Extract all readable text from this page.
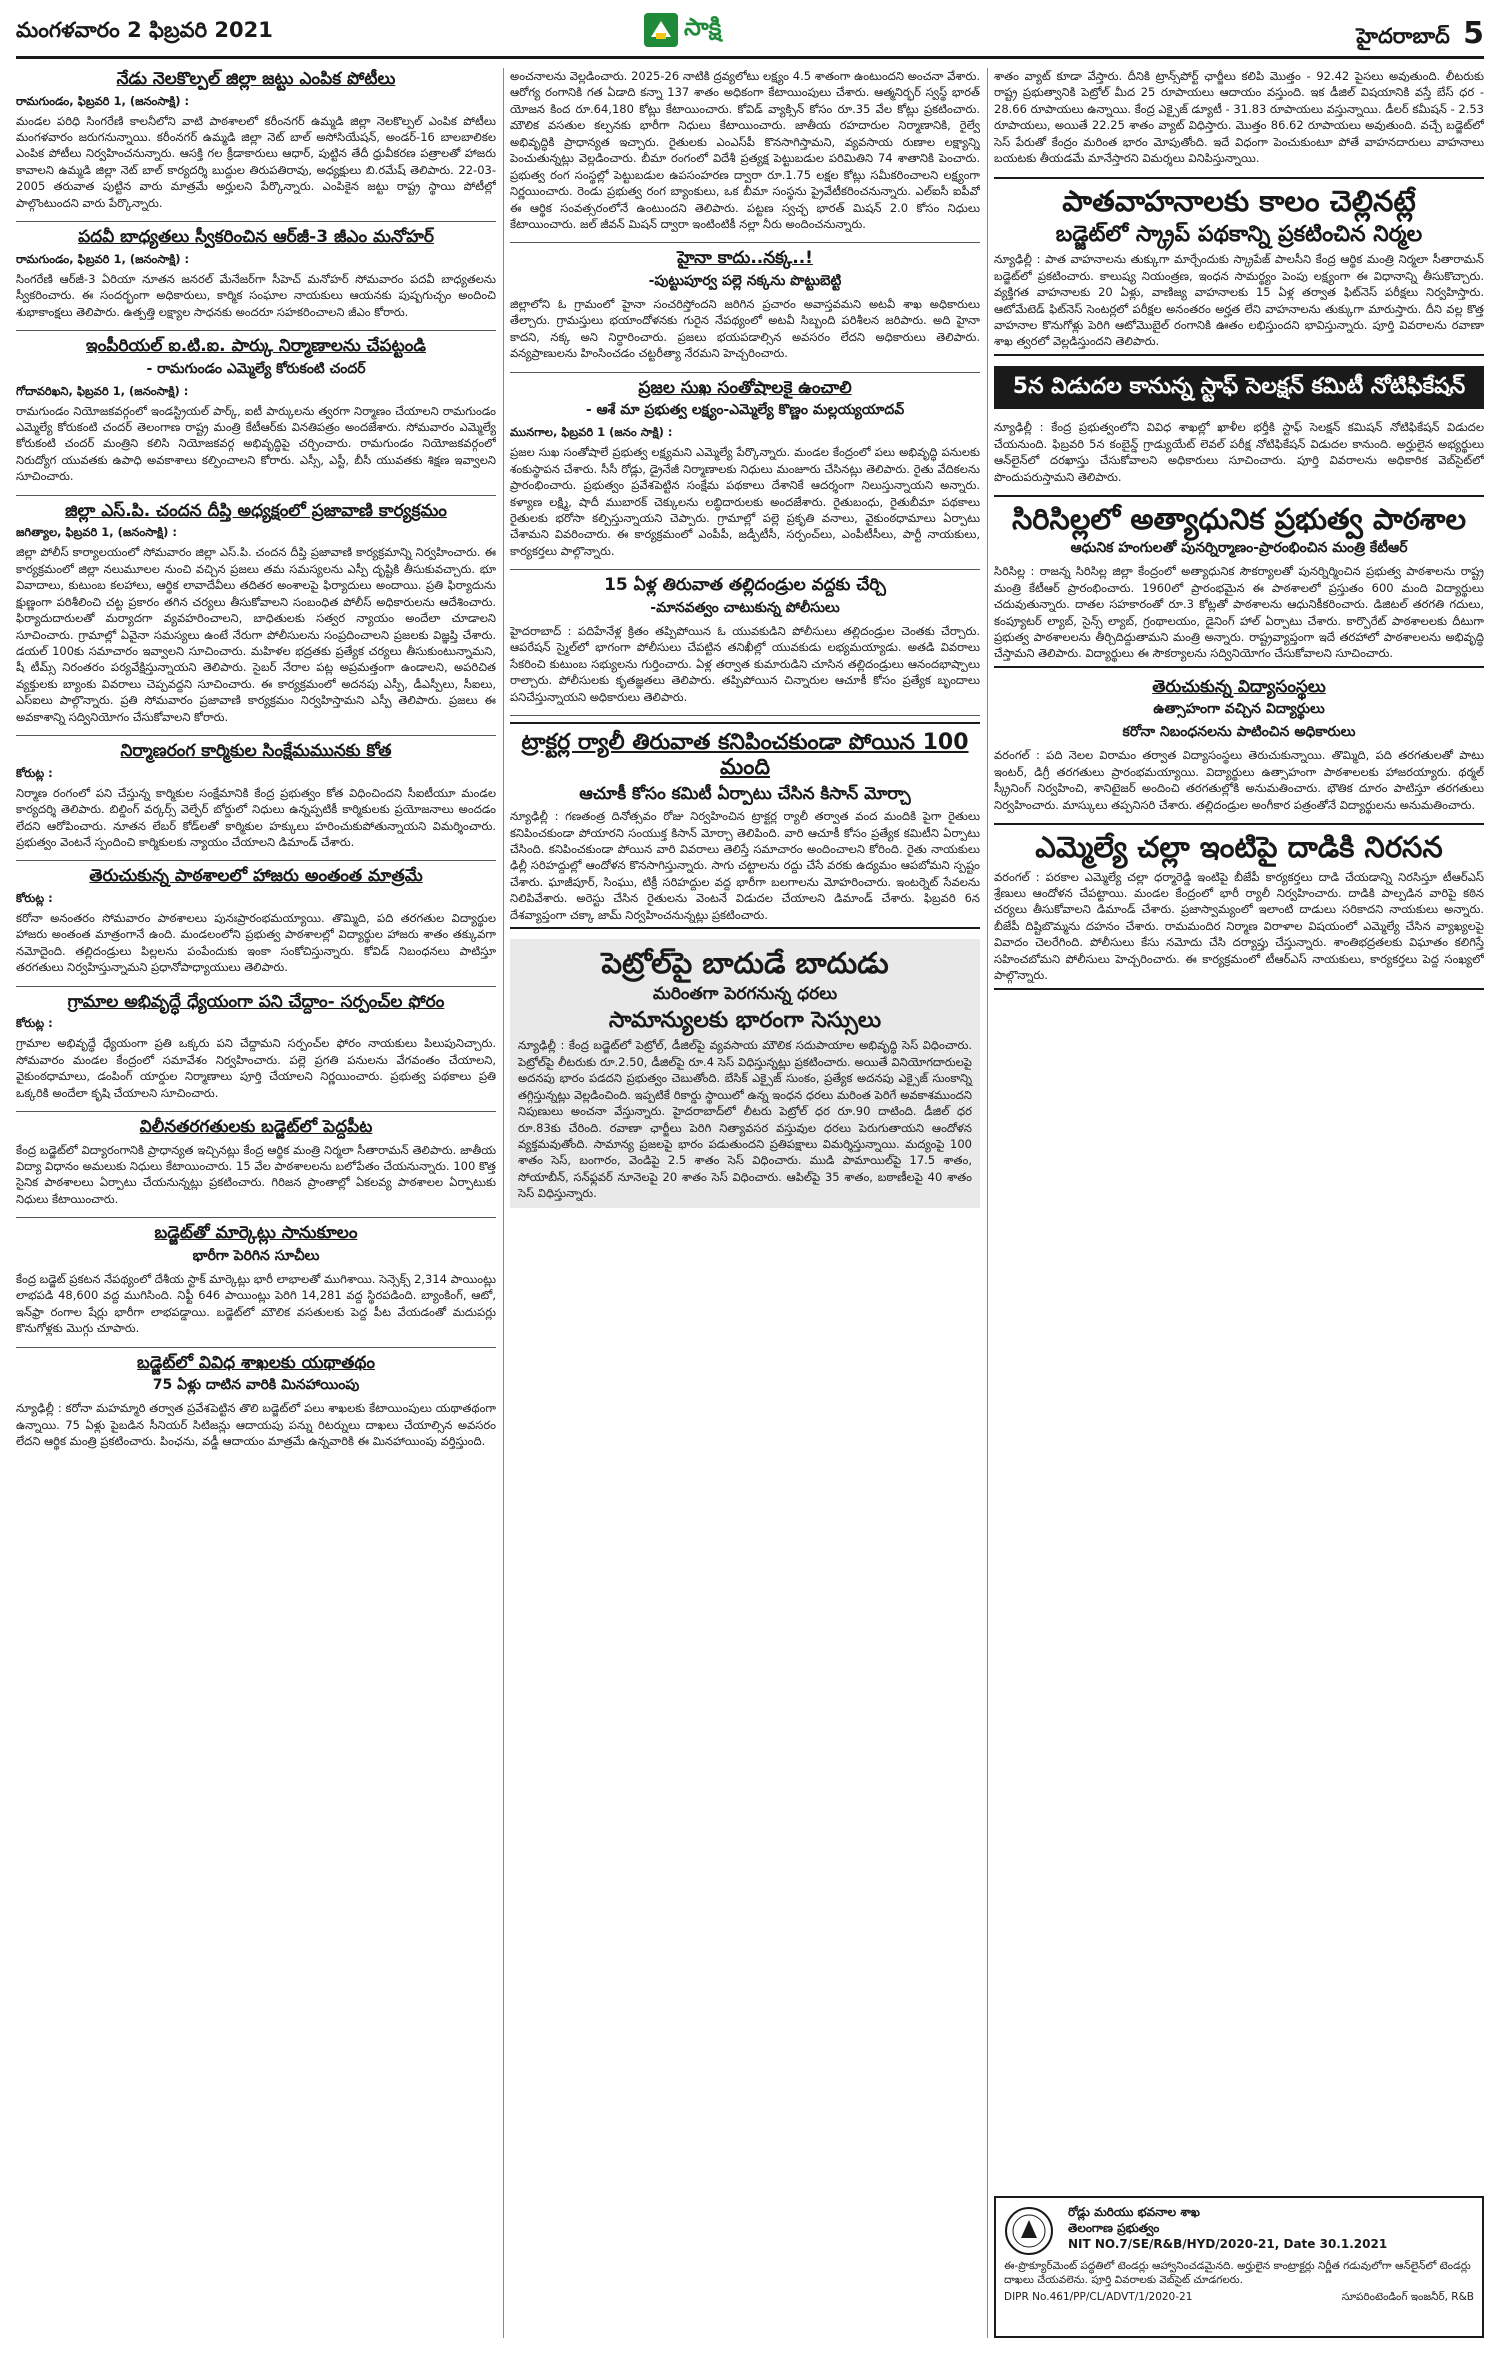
మంగళవారం 2 ఫిబ్రవరి 2021	సాక్షి	హైదరాబాద్ 5
నేడు నెలకొల్పల్ జిల్లా జట్టు ఎంపిక పోటీలు

రామగుండం, ఫిబ్రవరి 1, (జనంసాక్షి) :

మండల పరిధి సింగరేణి కాలనీలోని వాటి పాఠశాలలో కరీంనగర్ ఉమ్మడి జిల్లా నెలకొల్పల్ ఎంపిక పోటీలు మంగళవారం జరుగనున్నాయి. కరీంనగర్ ఉమ్మడి జిల్లా నెట్ బాల్ అసోసియేషన్, అండర్-16 బాలబాలికల ఎంపిక పోటీలు నిర్వహించనున్నారు. ఆసక్తి గల క్రీడాకారులు ఆధార్, పుట్టిన తేదీ ధ్రువీకరణ పత్రాలతో హాజరు కావాలని ఉమ్మడి జిల్లా నెట్ బాల్ కార్యదర్శి బుద్దుల తిరుపతిరావు, అధ్యక్షులు బి.రమేష్ తెలిపారు. 22-03-2005 తరువాత పుట్టిన వారు మాత్రమే అర్హులని పేర్కొన్నారు. ఎంపికైన జట్టు రాష్ట్ర స్థాయి పోటీల్లో పాల్గొంటుందని వారు పేర్కొన్నారు.

పదవీ బాధ్యతలు స్వీకరించిన ఆర్‌జీ-3 జీఎం మనోహర్

రామగుండం, ఫిబ్రవరి 1, (జనంసాక్షి) :

సింగరేణి ఆర్‌జీ-3 ఏరియా నూతన జనరల్ మేనేజర్‌గా సీహెచ్ మనోహర్ సోమవారం పదవీ బాధ్యతలను స్వీకరించారు. ఈ సందర్భంగా అధికారులు, కార్మిక సంఘాల నాయకులు ఆయనకు పుష్పగుచ్ఛం అందించి శుభాకాంక్షలు తెలిపారు. ఉత్పత్తి లక్ష్యాల సాధనకు అందరూ సహకరించాలని జీఎం కోరారు.

ఇంపీరియల్ ఐ.టి.ఐ. పార్కు నిర్మాణాలను చేపట్టండి

- రామగుండం ఎమ్మెల్యే కోరుకంటి చందర్

గోదావరిఖని, ఫిబ్రవరి 1, (జనంసాక్షి) :

రామగుండం నియోజకవర్గంలో ఇండస్ట్రియల్ పార్క్, ఐటీ పార్కులను త్వరగా నిర్మాణం చేయాలని రామగుండం ఎమ్మెల్యే కోరుకంటి చందర్ తెలంగాణ రాష్ట్ర మంత్రి కేటీఆర్‌కు వినతిపత్రం అందజేశారు. సోమవారం ఎమ్మెల్యే కోరుకంటి చందర్ మంత్రిని కలిసి నియోజకవర్గ అభివృద్ధిపై చర్చించారు. రామగుండం నియోజకవర్గంలో నిరుద్యోగ యువతకు ఉపాధి అవకాశాలు కల్పించాలని కోరారు. ఎస్సీ, ఎస్టీ, బీసీ యువతకు శిక్షణ ఇవ్వాలని సూచించారు.

జిల్లా ఎస్.పి. చందన దీప్తి అధ్యక్షంలో ప్రజావాణి కార్యక్రమం

జగిత్యాల, ఫిబ్రవరి 1, (జనంసాక్షి) :

జిల్లా పోలీస్ కార్యాలయంలో సోమవారం జిల్లా ఎస్.పి. చందన దీప్తి ప్రజావాణి కార్యక్రమాన్ని నిర్వహించారు. ఈ కార్యక్రమంలో జిల్లా నలుమూలల నుంచి వచ్చిన ప్రజలు తమ సమస్యలను ఎస్పీ దృష్టికి తీసుకువచ్చారు. భూ వివాదాలు, కుటుంబ కలహాలు, ఆర్థిక లావాదేవీలు తదితర అంశాలపై ఫిర్యాదులు అందాయి. ప్రతి ఫిర్యాదును క్షుణ్ణంగా పరిశీలించి చట్ట ప్రకారం తగిన చర్యలు తీసుకోవాలని సంబంధిత పోలీస్ అధికారులను ఆదేశించారు. ఫిర్యాదుదారులతో మర్యాదగా వ్యవహరించాలని, బాధితులకు సత్వర న్యాయం అందేలా చూడాలని సూచించారు. గ్రామాల్లో ఏవైనా సమస్యలు ఉంటే నేరుగా పోలీసులను సంప్రదించాలని ప్రజలకు విజ్ఞప్తి చేశారు. డయల్ 100కు సమాచారం ఇవ్వాలని సూచించారు. మహిళల భద్రతకు ప్రత్యేక చర్యలు తీసుకుంటున్నామని, షీ టీమ్స్ నిరంతరం పర్యవేక్షిస్తున్నాయని తెలిపారు. సైబర్ నేరాల పట్ల అప్రమత్తంగా ఉండాలని, అపరిచిత వ్యక్తులకు బ్యాంకు వివరాలు చెప్పవద్దని సూచించారు. ఈ కార్యక్రమంలో అదనపు ఎస్పీ, డీఎస్పీలు, సీఐలు, ఎస్‌ఐలు పాల్గొన్నారు. ప్రతి సోమవారం ప్రజావాణి కార్యక్రమం నిర్వహిస్తామని ఎస్పీ తెలిపారు. ప్రజలు ఈ అవకాశాన్ని సద్వినియోగం చేసుకోవాలని కోరారు.

నిర్మాణరంగ కార్మికుల సింక్షేమమునకు కోత

కోరుట్ల :

నిర్మాణ రంగంలో పని చేస్తున్న కార్మికుల సంక్షేమానికి కేంద్ర ప్రభుత్వం కోత విధించిందని సీఐటీయూ మండల కార్యదర్శి తెలిపారు. బిల్డింగ్ వర్కర్స్ వెల్ఫేర్ బోర్డులో నిధులు ఉన్నప్పటికీ కార్మికులకు ప్రయోజనాలు అందడం లేదని ఆరోపించారు. నూతన లేబర్ కోడ్‌లతో కార్మికుల హక్కులు హరించుకుపోతున్నాయని విమర్శించారు. ప్రభుత్వం వెంటనే స్పందించి కార్మికులకు న్యాయం చేయాలని డిమాండ్ చేశారు.

తెరుచుకున్న పాఠశాలలో హాజరు అంతంత మాత్రమే

కోరుట్ల :

కరోనా అనంతరం సోమవారం పాఠశాలలు పునఃప్రారంభమయ్యాయి. తొమ్మిది, పది తరగతుల విద్యార్థుల హాజరు అంతంత మాత్రంగానే ఉంది. మండలంలోని ప్రభుత్వ పాఠశాలల్లో విద్యార్థుల హాజరు శాతం తక్కువగా నమోదైంది. తల్లిదండ్రులు పిల్లలను పంపేందుకు ఇంకా సంకోచిస్తున్నారు. కోవిడ్ నిబంధనలు పాటిస్తూ తరగతులు నిర్వహిస్తున్నామని ప్రధానోపాధ్యాయులు తెలిపారు.

గ్రామాల అభివృద్ధే ధ్యేయంగా పని చేద్దాం- సర్పంచ్‌ల ఫోరం

కోరుట్ల :

గ్రామాల అభివృద్ధే ధ్యేయంగా ప్రతి ఒక్కరు పని చేద్దామని సర్పంచ్‌ల ఫోరం నాయకులు పిలుపునిచ్చారు. సోమవారం మండల కేంద్రంలో సమావేశం నిర్వహించారు. పల్లె ప్రగతి పనులను వేగవంతం చేయాలని, వైకుంఠధామాలు, డంపింగ్ యార్డుల నిర్మాణాలు పూర్తి చేయాలని నిర్ణయించారు. ప్రభుత్వ పథకాలు ప్రతి ఒక్కరికి అందేలా కృషి చేయాలని సూచించారు.

విలీనతరగతులకు బడ్జెట్‌లో పెద్దపీట

కేంద్ర బడ్జెట్‌లో విద్యారంగానికి ప్రాధాన్యత ఇచ్చినట్లు కేంద్ర ఆర్థిక మంత్రి నిర్మలా సీతారామన్ తెలిపారు. జాతీయ విద్యా విధానం అమలుకు నిధులు కేటాయించారు. 15 వేల పాఠశాలలను బలోపేతం చేయనున్నారు. 100 కొత్త సైనిక పాఠశాలలు ఏర్పాటు చేయనున్నట్లు ప్రకటించారు. గిరిజన ప్రాంతాల్లో ఏకలవ్య పాఠశాలల ఏర్పాటుకు నిధులు కేటాయించారు.

బడ్జెట్‌తో మార్కెట్లు సానుకూలం

భారీగా పెరిగిన సూచీలు

కేంద్ర బడ్జెట్ ప్రకటన నేపథ్యంలో దేశీయ స్టాక్ మార్కెట్లు భారీ లాభాలతో ముగిశాయి. సెన్సెక్స్ 2,314 పాయింట్లు లాభపడి 48,600 వద్ద ముగిసింది. నిఫ్టీ 646 పాయింట్లు పెరిగి 14,281 వద్ద స్థిరపడింది. బ్యాంకింగ్, ఆటో, ఇన్‌ఫ్రా రంగాల షేర్లు భారీగా లాభపడ్డాయి. బడ్జెట్‌లో మౌలిక వసతులకు పెద్ద పీట వేయడంతో మదుపర్లు కొనుగోళ్లకు మొగ్గు చూపారు.

బడ్జెట్‌లో వివిధ శాఖలకు యథాతథం

75 ఏళ్లు దాటిన వారికి మినహాయింపు

న్యూఢిల్లీ : కరోనా మహమ్మారి తర్వాత ప్రవేశపెట్టిన తొలి బడ్జెట్‌లో పలు శాఖలకు కేటాయింపులు యథాతథంగా ఉన్నాయి. 75 ఏళ్లు పైబడిన సీనియర్ సిటిజన్లు ఆదాయపు పన్ను రిటర్నులు దాఖలు చేయాల్సిన అవసరం లేదని ఆర్థిక మంత్రి ప్రకటించారు. పింఛను, వడ్డీ ఆదాయం మాత్రమే ఉన్నవారికి ఈ మినహాయింపు వర్తిస్తుంది.

అంచనాలను వెల్లడించారు. 2025-26 నాటికి ద్రవ్యలోటు లక్ష్యం 4.5 శాతంగా ఉంటుందని అంచనా వేశారు. ఆరోగ్య రంగానికి గత ఏడాది కన్నా 137 శాతం అధికంగా కేటాయింపులు చేశారు. ఆత్మనిర్భర్ స్వస్థ్ భారత్ యోజన కింద రూ.64,180 కోట్లు కేటాయించారు. కోవిడ్ వ్యాక్సిన్ కోసం రూ.35 వేల కోట్లు ప్రకటించారు. మౌలిక వసతుల కల్పనకు భారీగా నిధులు కేటాయించారు. జాతీయ రహదారుల నిర్మాణానికి, రైల్వే అభివృద్ధికి ప్రాధాన్యత ఇచ్చారు. రైతులకు ఎంఎస్‌పీ కొనసాగిస్తామని, వ్యవసాయ రుణాల లక్ష్యాన్ని పెంచుతున్నట్లు వెల్లడించారు. బీమా రంగంలో విదేశీ ప్రత్యక్ష పెట్టుబడుల పరిమితిని 74 శాతానికి పెంచారు. ప్రభుత్వ రంగ సంస్థల్లో పెట్టుబడుల ఉపసంహరణ ద్వారా రూ.1.75 లక్షల కోట్లు సమీకరించాలని లక్ష్యంగా నిర్ణయించారు. రెండు ప్రభుత్వ రంగ బ్యాంకులు, ఒక బీమా సంస్థను ప్రైవేటీకరించనున్నారు. ఎల్ఐసీ ఐపీవో ఈ ఆర్థిక సంవత్సరంలోనే ఉంటుందని తెలిపారు. పట్టణ స్వచ్ఛ భారత్ మిషన్ 2.0 కోసం నిధులు కేటాయించారు. జల్ జీవన్ మిషన్ ద్వారా ఇంటింటికీ నల్లా నీరు అందించనున్నారు.

హైనా కాదు..నక్క..!

-పుట్టుపూర్వ పల్లె నక్కను పొట్టుబెట్టి

జిల్లాలోని ఓ గ్రామంలో హైనా సంచరిస్తోందని జరిగిన ప్రచారం అవాస్తవమని అటవీ శాఖ అధికారులు తేల్చారు. గ్రామస్తులు భయాందోళనకు గురైన నేపథ్యంలో అటవీ సిబ్బంది పరిశీలన జరిపారు. అది హైనా కాదని, నక్క అని నిర్ధారించారు. ప్రజలు భయపడాల్సిన అవసరం లేదని అధికారులు తెలిపారు. వన్యప్రాణులను హింసించడం చట్టరీత్యా నేరమని హెచ్చరించారు.

ప్రజల సుఖ సంతోషాలకై ఉంచాలి

- ఆశే మా ప్రభుత్వ లక్ష్యం-ఎమ్మెల్యే కొణ్ణం మల్లయ్యయాదవ్

మునగాల, ఫిబ్రవరి 1 (జనం సాక్షి) :

ప్రజల సుఖ సంతోషాలే ప్రభుత్వ లక్ష్యమని ఎమ్మెల్యే పేర్కొన్నారు. మండల కేంద్రంలో పలు అభివృద్ధి పనులకు శంకుస్థాపన చేశారు. సీసీ రోడ్లు, డ్రైనేజీ నిర్మాణాలకు నిధులు మంజూరు చేసినట్లు తెలిపారు. రైతు వేదికలను ప్రారంభించారు. ప్రభుత్వం ప్రవేశపెట్టిన సంక్షేమ పథకాలు దేశానికే ఆదర్శంగా నిలుస్తున్నాయని అన్నారు. కళ్యాణ లక్ష్మి, షాదీ ముబారక్ చెక్కులను లబ్ధిదారులకు అందజేశారు. రైతుబంధు, రైతుబీమా పథకాలు రైతులకు భరోసా కల్పిస్తున్నాయని చెప్పారు. గ్రామాల్లో పల్లె ప్రకృతి వనాలు, వైకుంఠధామాలు ఏర్పాటు చేశామని వివరించారు. ఈ కార్యక్రమంలో ఎంపీపీ, జడ్పీటీసీ, సర్పంచ్‌లు, ఎంపీటీసీలు, పార్టీ నాయకులు, కార్యకర్తలు పాల్గొన్నారు.

15 ఏళ్ల తిరువాత తల్లిదండ్రుల వద్దకు చేర్చి

-మానవత్వం చాటుకున్న పోలీసులు

హైదరాబాద్ : పదిహేనేళ్ల క్రితం తప్పిపోయిన ఓ యువకుడిని పోలీసులు తల్లిదండ్రుల చెంతకు చేర్చారు. ఆపరేషన్ స్మైల్‌లో భాగంగా పోలీసులు చేపట్టిన తనిఖీల్లో యువకుడు లభ్యమయ్యాడు. అతడి వివరాలు సేకరించి కుటుంబ సభ్యులను గుర్తించారు. ఏళ్ల తర్వాత కుమారుడిని చూసిన తల్లిదండ్రులు ఆనందభాష్పాలు రాల్చారు. పోలీసులకు కృతజ్ఞతలు తెలిపారు. తప్పిపోయిన చిన్నారుల ఆచూకీ కోసం ప్రత్యేక బృందాలు పనిచేస్తున్నాయని అధికారులు తెలిపారు.

ట్రాక్టర్ల ర్యాలీ తిరువాత కనిపించకుండా పోయిన 100 మంది
ఆచూకీ కోసం కమిటీ ఏర్పాటు చేసిన కిసాన్ మోర్చా

న్యూఢిల్లీ : గణతంత్ర దినోత్సవం రోజు నిర్వహించిన ట్రాక్టర్ల ర్యాలీ తర్వాత వంద మందికి పైగా రైతులు కనిపించకుండా పోయారని సంయుక్త కిసాన్ మోర్చా తెలిపింది. వారి ఆచూకీ కోసం ప్రత్యేక కమిటీని ఏర్పాటు చేసింది. కనిపించకుండా పోయిన వారి వివరాలు తెలిస్తే సమాచారం అందించాలని కోరింది. రైతు నాయకులు ఢిల్లీ సరిహద్దుల్లో ఆందోళన కొనసాగిస్తున్నారు. సాగు చట్టాలను రద్దు చేసే వరకు ఉద్యమం ఆపబోమని స్పష్టం చేశారు. ఘాజీపూర్, సింఘు, టిక్రీ సరిహద్దుల వద్ద భారీగా బలగాలను మోహరించారు. ఇంటర్నెట్ సేవలను నిలిపివేశారు. అరెస్టు చేసిన రైతులను వెంటనే విడుదల చేయాలని డిమాండ్ చేశారు. ఫిబ్రవరి 6న దేశవ్యాప్తంగా చక్కా జామ్ నిర్వహించనున్నట్లు ప్రకటించారు.

పెట్రోల్‌పై బాదుడే బాదుడు
మరింతగా పెరగనున్న ధరలు
సామాన్యులకు భారంగా సెస్సులు

న్యూఢిల్లీ : కేంద్ర బడ్జెట్‌లో పెట్రోల్, డీజిల్‌పై వ్యవసాయ మౌలిక సదుపాయాల అభివృద్ధి సెస్ విధించారు. పెట్రోల్‌పై లీటరుకు రూ.2.50, డీజిల్‌పై రూ.4 సెస్ విధిస్తున్నట్లు ప్రకటించారు. అయితే వినియోగదారులపై అదనపు భారం పడదని ప్రభుత్వం చెబుతోంది. బేసిక్ ఎక్సైజ్ సుంకం, ప్రత్యేక అదనపు ఎక్సైజ్ సుంకాన్ని తగ్గిస్తున్నట్లు వెల్లడించింది. ఇప్పటికే రికార్డు స్థాయిలో ఉన్న ఇంధన ధరలు మరింత పెరిగే అవకాశముందని నిపుణులు అంచనా వేస్తున్నారు. హైదరాబాద్‌లో లీటరు పెట్రోల్ ధర రూ.90 దాటింది. డీజిల్ ధర రూ.83కు చేరింది. రవాణా ఛార్జీలు పెరిగి నిత్యావసర వస్తువుల ధరలు పెరుగుతాయని ఆందోళన వ్యక్తమవుతోంది. సామాన్య ప్రజలపై భారం పడుతుందని ప్రతిపక్షాలు విమర్శిస్తున్నాయి. మద్యంపై 100 శాతం సెస్, బంగారం, వెండిపై 2.5 శాతం సెస్ విధించారు. ముడి పామాయిల్‌పై 17.5 శాతం, సోయాబీన్, సన్‌ఫ్లవర్ నూనెలపై 20 శాతం సెస్ విధించారు. ఆపిల్‌పై 35 శాతం, బఠాణీలపై 40 శాతం సెస్ విధిస్తున్నారు.

శాతం వ్యాట్ కూడా వేస్తారు. దీనికి ట్రాన్స్‌పోర్ట్ ఛార్జీలు కలిపి మొత్తం - 92.42 పైసలు అవుతుంది. లీటరుకు రాష్ట్ర ప్రభుత్వానికి పెట్రోల్ మీద 25 రూపాయలు ఆదాయం వస్తుంది. ఇక డీజిల్ విషయానికి వస్తే బేస్ ధర - 28.66 రూపాయలు ఉన్నాయి. కేంద్ర ఎక్సైజ్ డ్యూటీ - 31.83 రూపాయలు వస్తున్నాయి. డీలర్ కమీషన్ - 2.53 రూపాయలు, అయితే 22.25 శాతం వ్యాట్ విధిస్తారు. మొత్తం 86.62 రూపాయలు అవుతుంది. వచ్చే బడ్జెట్‌లో సెస్ పేరుతో కేంద్రం మరింత భారం మోపుతోంది. ఇదే విధంగా పెంచుకుంటూ పోతే వాహనదారులు వాహనాలు బయటకు తీయడమే మానేస్తారని విమర్శలు వినిపిస్తున్నాయి.

పాతవాహనాలకు కాలం చెల్లినట్లే
బడ్జెట్‌లో స్క్రాప్ పథకాన్ని ప్రకటించిన నిర్మల

న్యూఢిల్లీ : పాత వాహనాలను తుక్కుగా మార్చేందుకు స్క్రాపేజ్ పాలసీని కేంద్ర ఆర్థిక మంత్రి నిర్మలా సీతారామన్ బడ్జెట్‌లో ప్రకటించారు. కాలుష్య నియంత్రణ, ఇంధన సామర్థ్యం పెంపు లక్ష్యంగా ఈ విధానాన్ని తీసుకొచ్చారు. వ్యక్తిగత వాహనాలకు 20 ఏళ్లు, వాణిజ్య వాహనాలకు 15 ఏళ్ల తర్వాత ఫిట్‌నెస్ పరీక్షలు నిర్వహిస్తారు. ఆటోమేటెడ్ ఫిట్‌నెస్ సెంటర్లలో పరీక్షల అనంతరం అర్హత లేని వాహనాలను తుక్కుగా మారుస్తారు. దీని వల్ల కొత్త వాహనాల కొనుగోళ్లు పెరిగి ఆటోమొబైల్ రంగానికి ఊతం లభిస్తుందని భావిస్తున్నారు. పూర్తి వివరాలను రవాణా శాఖ త్వరలో వెల్లడిస్తుందని తెలిపారు.

5న విడుదల కానున్న స్టాఫ్ సెలక్షన్ కమిటీ నోటిఫికేషన్

న్యూఢిల్లీ : కేంద్ర ప్రభుత్వంలోని వివిధ శాఖల్లో ఖాళీల భర్తీకి స్టాఫ్ సెలక్షన్ కమిషన్ నోటిఫికేషన్ విడుదల చేయనుంది. ఫిబ్రవరి 5న కంబైన్డ్ గ్రాడ్యుయేట్ లెవల్ పరీక్ష నోటిఫికేషన్ విడుదల కానుంది. అర్హులైన అభ్యర్థులు ఆన్‌లైన్‌లో దరఖాస్తు చేసుకోవాలని అధికారులు సూచించారు. పూర్తి వివరాలను అధికారిక వెబ్‌సైట్‌లో పొందుపరుస్తామని తెలిపారు.

సిరిసిల్లలో అత్యాధునిక ప్రభుత్వ పాఠశాల

ఆధునిక హంగులతో పునర్నిర్మాణం-ప్రారంభించిన మంత్రి కేటీఆర్

సిరిసిల్ల : రాజన్న సిరిసిల్ల జిల్లా కేంద్రంలో అత్యాధునిక సౌకర్యాలతో పునర్నిర్మించిన ప్రభుత్వ పాఠశాలను రాష్ట్ర మంత్రి కేటీఆర్ ప్రారంభించారు. 1960లో ప్రారంభమైన ఈ పాఠశాలలో ప్రస్తుతం 600 మంది విద్యార్థులు చదువుతున్నారు. దాతల సహకారంతో రూ.3 కోట్లతో పాఠశాలను ఆధునికీకరించారు. డిజిటల్ తరగతి గదులు, కంప్యూటర్ ల్యాబ్, సైన్స్ ల్యాబ్, గ్రంథాలయం, డైనింగ్ హాల్ ఏర్పాటు చేశారు. కార్పొరేట్ పాఠశాలలకు దీటుగా ప్రభుత్వ పాఠశాలలను తీర్చిదిద్దుతామని మంత్రి అన్నారు. రాష్ట్రవ్యాప్తంగా ఇదే తరహాలో పాఠశాలలను అభివృద్ధి చేస్తామని తెలిపారు. విద్యార్థులు ఈ సౌకర్యాలను సద్వినియోగం చేసుకోవాలని సూచించారు.

తెరుచుకున్న విద్యాసంస్థలు

ఉత్సాహంగా వచ్చిన విద్యార్థులు

కరోనా నిబంధనలను పాటించిన అధికారులు

వరంగల్ : పది నెలల విరామం తర్వాత విద్యాసంస్థలు తెరుచుకున్నాయి. తొమ్మిది, పది తరగతులతో పాటు ఇంటర్, డిగ్రీ తరగతులు ప్రారంభమయ్యాయి. విద్యార్థులు ఉత్సాహంగా పాఠశాలలకు హాజరయ్యారు. థర్మల్ స్క్రీనింగ్ నిర్వహించి, శానిటైజర్ అందించి తరగతుల్లోకి అనుమతించారు. భౌతిక దూరం పాటిస్తూ తరగతులు నిర్వహించారు. మాస్కులు తప్పనిసరి చేశారు. తల్లిదండ్రుల అంగీకార పత్రంతోనే విద్యార్థులను అనుమతించారు.

ఎమ్మెల్యే చల్లా ఇంటిపై దాడికి నిరసన

వరంగల్ : పరకాల ఎమ్మెల్యే చల్లా ధర్మారెడ్డి ఇంటిపై బీజేపీ కార్యకర్తలు దాడి చేయడాన్ని నిరసిస్తూ టీఆర్ఎస్ శ్రేణులు ఆందోళన చేపట్టాయి. మండల కేంద్రంలో భారీ ర్యాలీ నిర్వహించారు. దాడికి పాల్పడిన వారిపై కఠిన చర్యలు తీసుకోవాలని డిమాండ్ చేశారు. ప్రజాస్వామ్యంలో ఇలాంటి దాడులు సరికాదని నాయకులు అన్నారు. బీజేపీ దిష్టిబొమ్మను దహనం చేశారు. రామమందిర నిర్మాణ విరాళాల విషయంలో ఎమ్మెల్యే చేసిన వ్యాఖ్యలపై వివాదం చెలరేగింది. పోలీసులు కేసు నమోదు చేసి దర్యాప్తు చేస్తున్నారు. శాంతిభద్రతలకు విఘాతం కలిగిస్తే సహించబోమని పోలీసులు హెచ్చరించారు. ఈ కార్యక్రమంలో టీఆర్ఎస్ నాయకులు, కార్యకర్తలు పెద్ద సంఖ్యలో పాల్గొన్నారు.

రోడ్లు మరియు భవనాల శాఖ
తెలంగాణ ప్రభుత్వం
NIT NO.7/SE/R&B/HYD/2020-21, Date 30.1.2021
ఈ-ప్రొక్యూర్‌మెంట్ పద్ధతిలో టెండర్లు ఆహ్వానించడమైనది. అర్హులైన కాంట్రాక్టర్లు నిర్ణీత గడువులోగా ఆన్‌లైన్‌లో టెండర్లు దాఖలు చేయవలెను. పూర్తి వివరాలకు వెబ్‌సైట్ చూడగలరు.
DIPR No.461/PP/CL/ADVT/1/2020-21	సూపరింటెండింగ్ ఇంజనీర్, R&B
